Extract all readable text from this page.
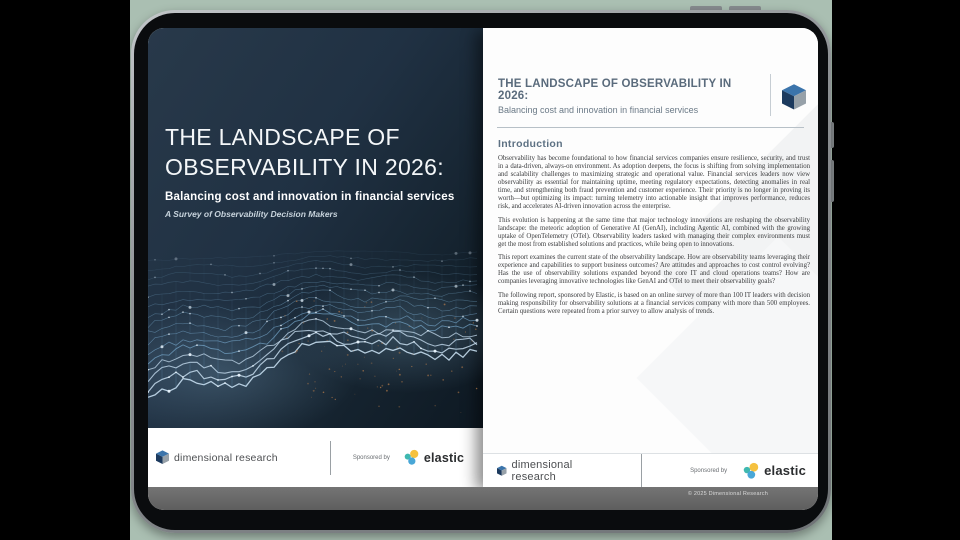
THE LANDSCAPE OF
OBSERVABILITY IN 2026:
Balancing cost and innovation in financial services
A Survey of Observability Decision Makers
dimensional research	Sponsored by	elastic
THE LANDSCAPE OF OBSERVABILITY IN 2026:
Balancing cost and innovation in financial services
Introduction

Observability has become foundational to how financial services companies ensure resilience, security, and trust in a data-driven, always-on environment. As adoption deepens, the focus is shifting from solving implementation and scalability challenges to maximizing strategic and operational value. Financial services leaders now view observability as essential for maintaining uptime, meeting regulatory expectations, detecting anomalies in real time, and strengthening both fraud prevention and customer experience. Their priority is no longer in proving its worth—but optimizing its impact: turning telemetry into actionable insight that improves performance, reduces risk, and accelerates AI-driven innovation across the enterprise.

This evolution is happening at the same time that major technology innovations are reshaping the observability landscape: the meteoric adoption of Generative AI (GenAI), including Agentic AI, combined with the growing uptake of OpenTelemetry (OTel). Observability leaders tasked with managing their complex environments must get the most from established solutions and practices, while being open to innovations.

This report examines the current state of the observability landscape. How are observability teams leveraging their experience and capabilities to support business outcomes? Are attitudes and approaches to cost control evolving? Has the use of observability solutions expanded beyond the core IT and cloud operations teams? How are companies leveraging innovative technologies like GenAI and OTel to meet their observability goals?

The following report, sponsored by Elastic, is based on an online survey of more than 100 IT leaders with decision making responsibility for observability solutions at a financial services company with more than 500 employees. Certain questions were repeated from a prior survey to allow analysis of trends.

dimensional research	Sponsored by	elastic
© 2025 Dimensional Research
